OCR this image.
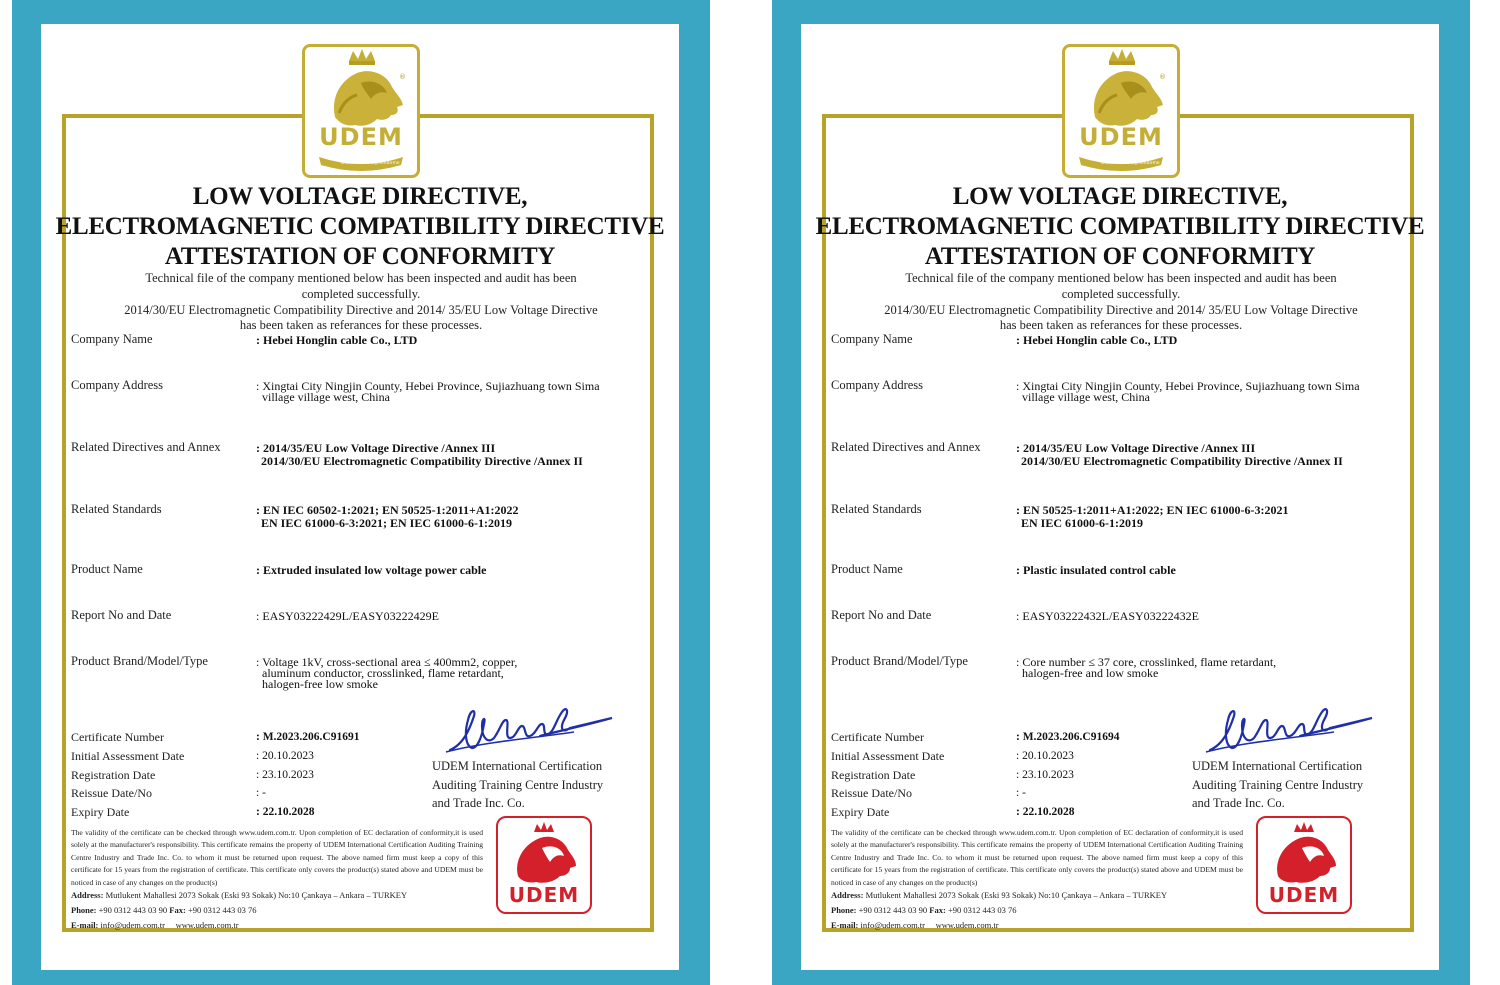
®
UDEM
Uluslararası Belgelendirme
LOW VOLTAGE DIRECTIVE,
ELECTROMAGNETIC COMPATIBILITY DIRECTIVE
ATTESTATION OF CONFORMITY
Technical file of the company mentioned below has been inspected and audit has been
completed successfully.
2014/30/EU Electromagnetic Compatibility Directive and 2014/ 35/EU Low Voltage Directive
has been taken as referances for these processes.
Company Name	: Hebei Honglin cable Co., LTD
Company Address	: Xingtai City Ningjin County, Hebei Province, Sujiazhuang town Sima
village village west, China
Related Directives and Annex	: 2014/35/EU Low Voltage Directive /Annex III
2014/30/EU Electromagnetic Compatibility Directive /Annex II
Related Standards	: EN IEC 60502-1:2021; EN 50525-1:2011+A1:2022
EN IEC 61000-6-3:2021; EN IEC 61000-6-1:2019
Product Name	: Extruded insulated low voltage power cable
Report No and Date	: EASY03222429L/EASY03222429E
Product Brand/Model/Type	: Voltage 1kV, cross-sectional area ≤ 400mm2, copper,
aluminum conductor, crosslinked, flame retardant,
halogen-free low smoke
Certificate Number	: M.2023.206.C91691
Initial Assessment Date	: 20.10.2023
Registration Date	: 23.10.2023
Reissue Date/No	: -
Expiry Date	: 22.10.2028
UDEM International Certification
Auditing Training Centre Industry
and Trade Inc. Co.
The validity of the certificate can be checked through www.udem.com.tr. Upon completion of EC declaration of conformity,it is used solely at the manufacturer's responsibility. This certificate remains the property of UDEM International Certification Auditing Training Centre Industry and Trade Inc. Co. to whom it must be returned upon request. The above named firm must keep a copy of this certificate for 15 years from the registration of certificate. This certificate only covers the product(s) stated above and UDEM must be noticed in case of any changes on the product(s)
Address: Mutlukent Mahallesi 2073 Sokak (Eski 93 Sokak) No:10 Çankaya – Ankara – TURKEY
Phone: +90 0312 443 03 90 Fax: +90 0312 443 03 76
E-mail: info@udem.com.tr www.udem.com.tr
UDEM
®
UDEM
Uluslararası Belgelendirme
LOW VOLTAGE DIRECTIVE,
ELECTROMAGNETIC COMPATIBILITY DIRECTIVE
ATTESTATION OF CONFORMITY
Technical file of the company mentioned below has been inspected and audit has been
completed successfully.
2014/30/EU Electromagnetic Compatibility Directive and 2014/ 35/EU Low Voltage Directive
has been taken as referances for these processes.
Company Name	: Hebei Honglin cable Co., LTD
Company Address	: Xingtai City Ningjin County, Hebei Province, Sujiazhuang town Sima
village village west, China
Related Directives and Annex	: 2014/35/EU Low Voltage Directive /Annex III
2014/30/EU Electromagnetic Compatibility Directive /Annex II
Related Standards	: EN 50525-1:2011+A1:2022; EN IEC 61000-6-3:2021
EN IEC 61000-6-1:2019
Product Name	: Plastic insulated control cable
Report No and Date	: EASY03222432L/EASY03222432E
Product Brand/Model/Type	: Core number ≤ 37 core, crosslinked, flame retardant,
halogen-free and low smoke
Certificate Number	: M.2023.206.C91694
Initial Assessment Date	: 20.10.2023
Registration Date	: 23.10.2023
Reissue Date/No	: -
Expiry Date	: 22.10.2028
UDEM International Certification
Auditing Training Centre Industry
and Trade Inc. Co.
The validity of the certificate can be checked through www.udem.com.tr. Upon completion of EC declaration of conformity,it is used solely at the manufacturer's responsibility. This certificate remains the property of UDEM International Certification Auditing Training Centre Industry and Trade Inc. Co. to whom it must be returned upon request. The above named firm must keep a copy of this certificate for 15 years from the registration of certificate. This certificate only covers the product(s) stated above and UDEM must be noticed in case of any changes on the product(s)
Address: Mutlukent Mahallesi 2073 Sokak (Eski 93 Sokak) No:10 Çankaya – Ankara – TURKEY
Phone: +90 0312 443 03 90 Fax: +90 0312 443 03 76
E-mail: info@udem.com.tr www.udem.com.tr
UDEM
